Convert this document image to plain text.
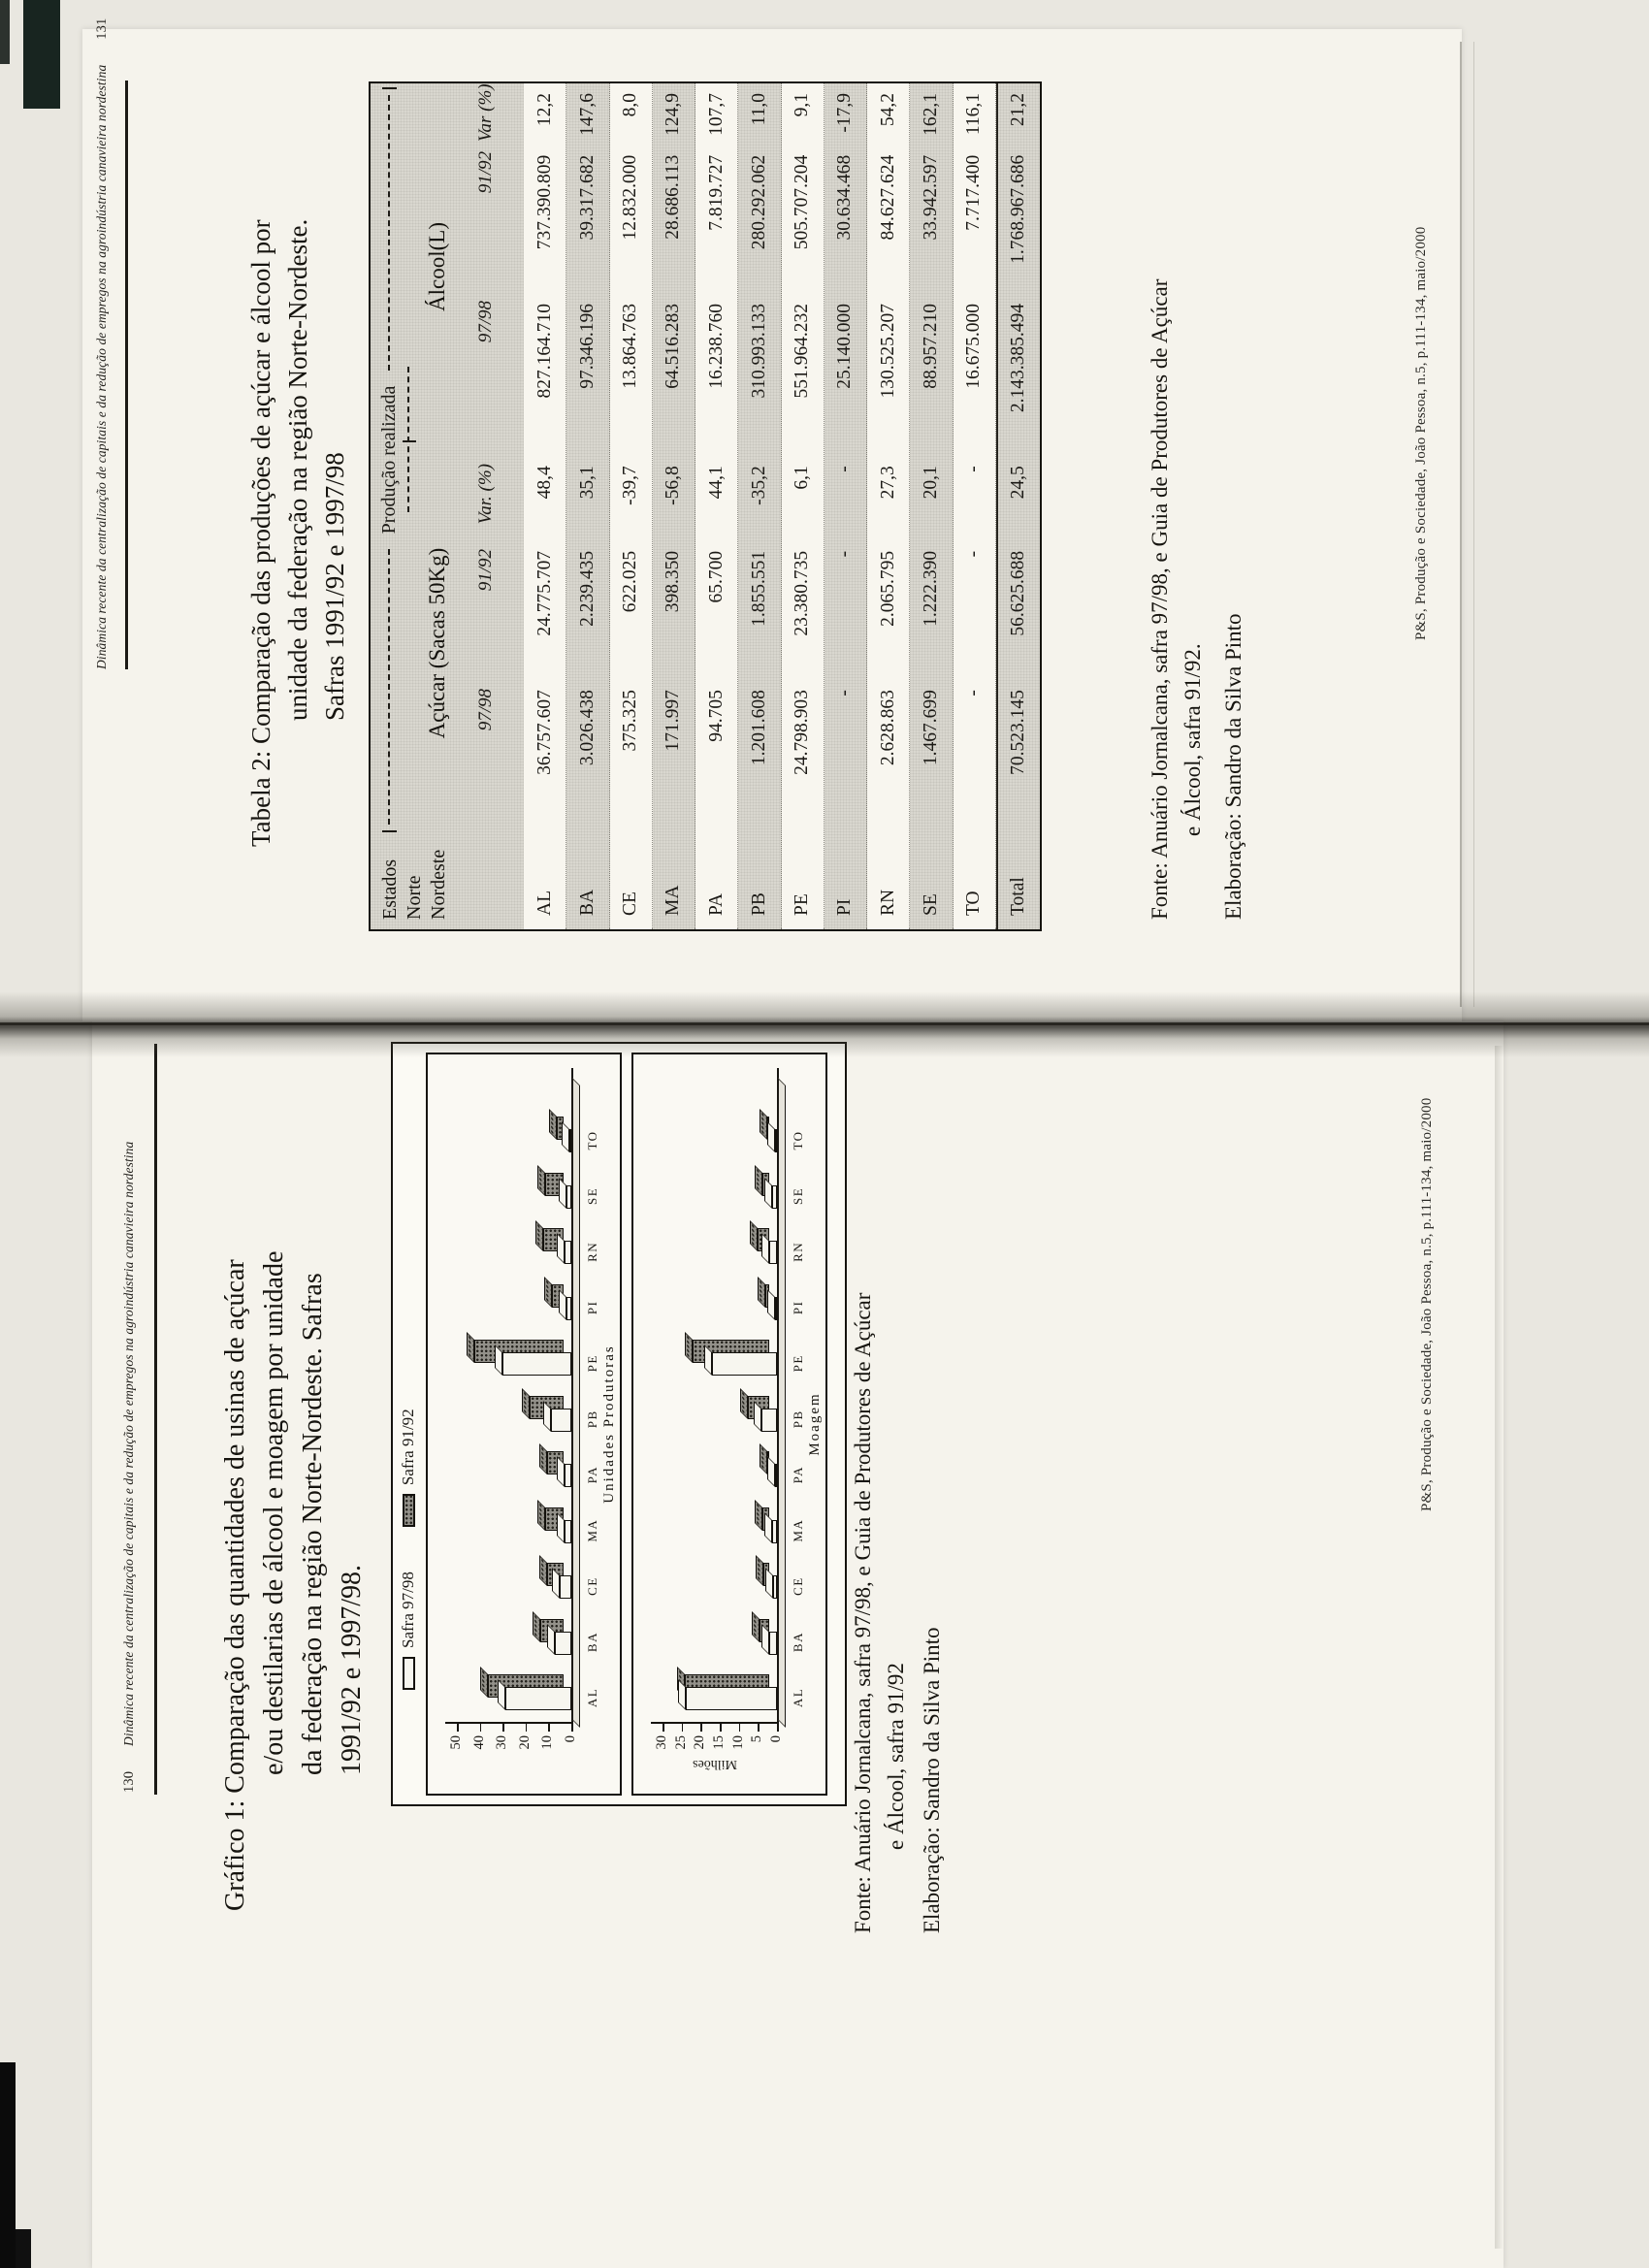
130
Dinâmica recente da centralização de capitais e da redução de empregos na agroindústria canavieira nordestina	Gráfico 1: Comparação das quantidades de usinas de açúcar e/ou destilarias de álcool e moagem por unidade da federação na região Norte-Nordeste. Safras 1991/92 e 1997/98. Safra 97/98
Safra 91/92
0
10
20
30
40
50
AL
BA
CE
MA
PA
PB
PE
PI
RN
SE
TO
Unidades Produtoras
0
5
10
15
20
25
30
AL
BA
CE
MA
PA
PB
PE
PI
RN
SE
TO
Moagem
Milhões	Fonte: Anuário Jornalcana, safra 97/98, e Guia de Produtores de Açúcar e Álcool, safra 91/92 Elaboração: Sandro da Silva Pinto
P&S, Produção e Sociedade, João Pessoa, n.5, p.111-134, maio/2000
Dinâmica recente da centralização de capitais e da redução de empregos na agroindústria canavieira nordestina
131
Tabela 2: Comparação das produções de açúcar e álcool por unidade da federação na região Norte-Nordeste. Safras 1991/92 e 1997/98
Estados Norte Nordeste
Produção realizada
Açúcar (Sacas 50Kg)
Álcool(L)
97/98
91/92
Var. (%)
97/98
91/92
Var (%)
AL
36.757.607
24.775.707
48,4
827.164.710
737.390.809
12,2
BA
3.026.438
2.239.435
35,1
97.346.196
39.317.682
147,6
CE
375.325
622.025
-39,7
13.864.763
12.832.000
8,0
MA
171.997
398.350
-56,8
64.516.283
28.686.113
124,9
PA
94.705
65.700
44,1
16.238.760
7.819.727
107,7
PB
1.201.608
1.855.551
-35,2
310.993.133
280.292.062
11,0
PE
24.798.903
23.380.735
6,1
551.964.232
505.707.204
9,1
PI
-
-
-
25.140.000
30.634.468
-17,9
RN
2.628.863
2.065.795
27,3
130.525.207
84.627.624
54,2
SE
1.467.699
1.222.390
20,1
88.957.210
33.942.597
162,1
TO
-
-
-
16.675.000
7.717.400
116,1
Total
70.523.145
56.625.688
24,5
2.143.385.494
1.768.967.686
21,2
Fonte: Anuário Jornalcana, safra 97/98, e Guia de Produtores de Açúcar e Álcool, safra 91/92. Elaboração: Sandro da Silva Pinto
P&S, Produção e Sociedade, João Pessoa, n.5, p.111-134, maio/2000
